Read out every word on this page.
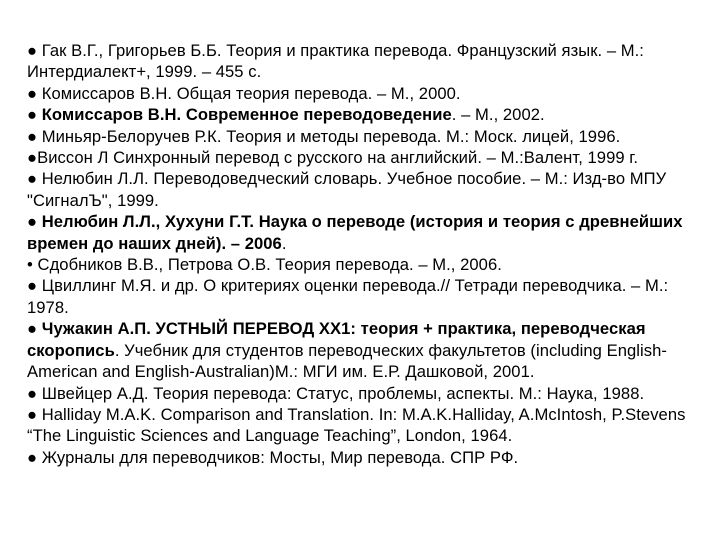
● Гак В.Г., Григорьев Б.Б. Теория и практика перевода. Французский язык. – М.: Интердиалект+, 1999. – 455 с.

● Комиссаров В.Н. Общая теория перевода. – М., 2000.

● Комиссаров В.Н. Современное переводоведение. – М., 2002.

● Миньяр-Белоручев Р.К. Теория и методы перевода. М.: Моск. лицей, 1996.

●Виссон Л Синхронный перевод с русского на английский. – М.:Валент, 1999 г.

● Нелюбин Л.Л. Переводоведческий словарь. Учебное пособие. – М.: Изд-во МПУ "СигналЪ", 1999.

● Нелюбин Л.Л., Хухуни Г.Т. Наука о переводе (история и теория с древнейших времен до наших дней). – 2006.

• Сдобников В.В., Петрова О.В. Теория перевода. – М., 2006.

● Цвиллинг М.Я. и др. О критериях оценки перевода.// Тетради переводчика. – М.: 1978.

● Чужакин А.П. УСТНЫЙ ПЕРЕВОД XX1: теория + практика, переводческая скоропись. Учебник для студентов переводческих факультетов (including English-American and English-Australian)М.: МГИ им. Е.Р. Дашковой, 2001.

● Швейцер А.Д. Теория перевода: Статус, проблемы, аспекты. М.: Наука, 1988.

● Halliday M.A.K. Comparison and Translation. In: M.A.K.Halliday, A.McIntosh, P.Stevens “The Linguistic Sciences and Language Teaching”, London, 1964.

● Журналы для переводчиков: Мосты, Мир перевода. СПР РФ.
